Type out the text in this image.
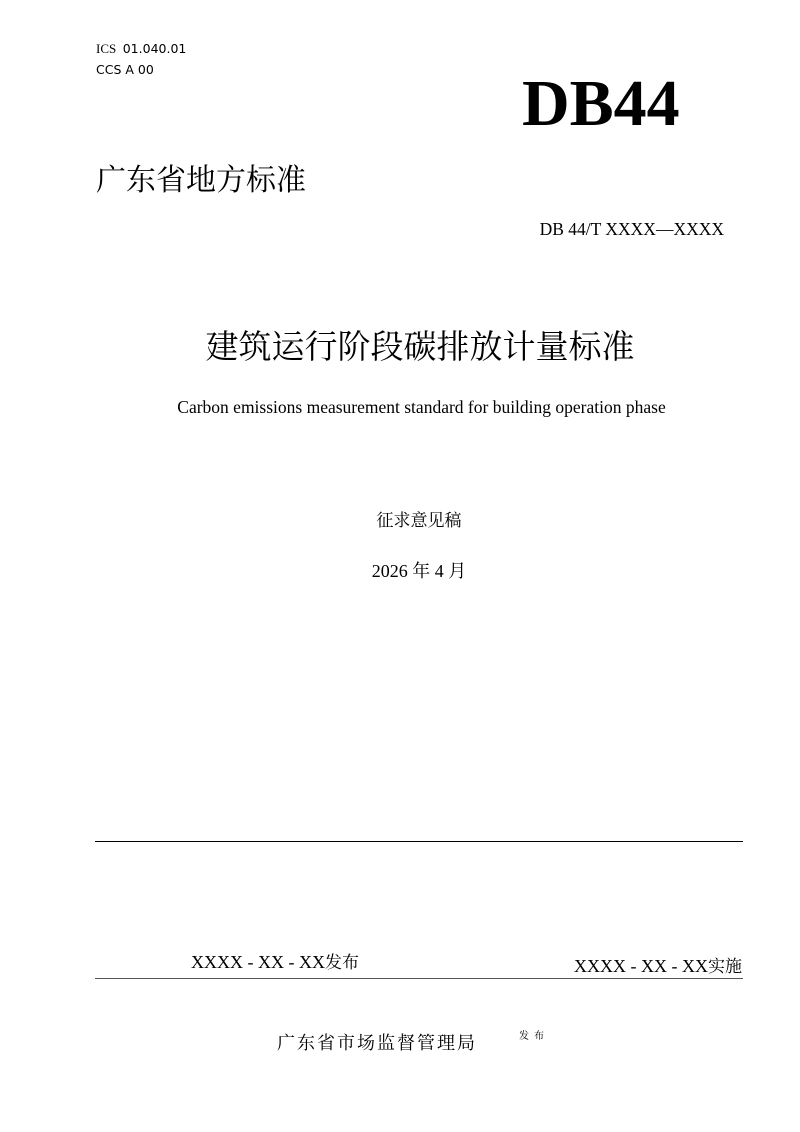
ICS 01.040.01
CCS A 00	DB44
广东省地方标准
DB 44/T XXXX—XXXX
建筑运行阶段碳排放计量标准
Carbon emissions measurement standard for building operation phase
征求意见稿
2026 年 4 月
XXXX - XX - XX发布	XXXX - XX - XX实施
广东省市场监督管理局	发布
